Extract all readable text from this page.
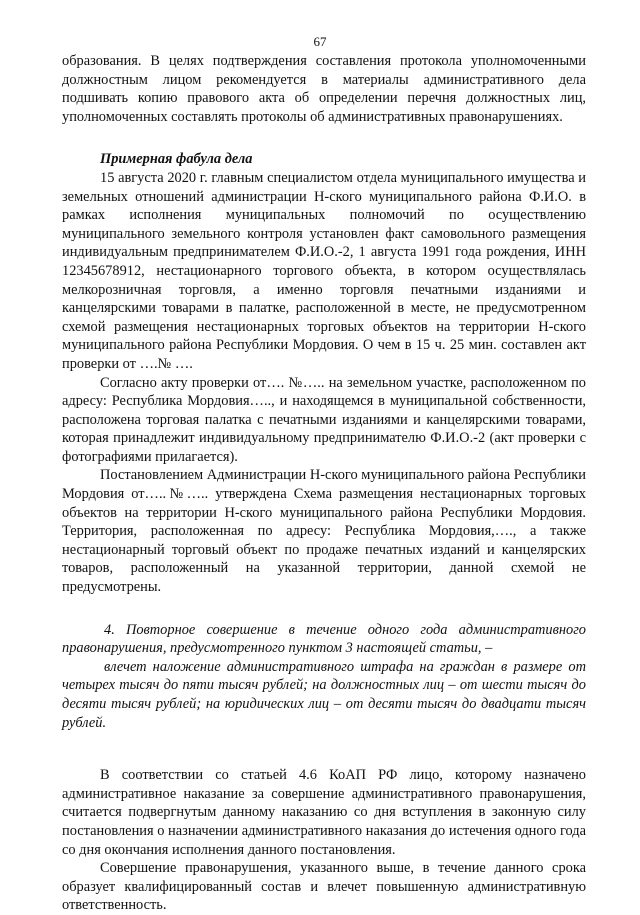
67

образования. В целях подтверждения составления протокола уполномоченными должностным лицом рекомендуется в материалы административного дела подшивать копию правового акта об определении перечня должностных лиц, уполномоченных составлять протоколы об административных правонарушениях.

Примерная фабула дела

15 августа 2020 г. главным специалистом отдела муниципального имущества и земельных отношений администрации Н-ского муниципального района Ф.И.О. в рамках исполнения муниципальных полномочий по осуществлению муниципального земельного контроля установлен факт самовольного размещения индивидуальным предпринимателем Ф.И.О.-2, 1 августа 1991 года рождения, ИНН 12345678912, нестационарного торгового объекта, в котором осуществлялась мелкорозничная торговля, а именно торговля печатными изданиями и канцелярскими товарами в палатке, расположенной в месте, не предусмотренном схемой размещения нестационарных торговых объектов на территории Н-ского муниципального района Республики Мордовия. О чем в 15 ч. 25 мин. составлен акт проверки от ….№ ….

Согласно акту проверки от…. №….. на земельном участке, расположенном по адресу: Республика Мордовия….., и находящемся в муниципальной собственности, расположена торговая палатка с печатными изданиями и канцелярскими товарами, которая принадлежит индивидуальному предпринимателю Ф.И.О.-2 (акт проверки с фотографиями прилагается).

Постановлением Администрации Н-ского муниципального района Республики Мордовия от…..№….. утверждена Схема размещения нестационарных торговых объектов на территории Н-ского муниципального района Республики Мордовия. Территория, расположенная по адресу: Республика Мордовия,…., а также нестационарный торговый объект по продаже печатных изданий и канцелярских товаров, расположенный на указанной территории, данной схемой не предусмотрены.

4. Повторное совершение в течение одного года административного правонарушения, предусмотренного пунктом 3 настоящей статьи, –

влечет наложение административного штрафа на граждан в размере от четырех тысяч до пяти тысяч рублей; на должностных лиц – от шести тысяч до десяти тысяч рублей; на юридических лиц – от десяти тысяч до двадцати тысяч рублей.

В соответствии со статьей 4.6 КоАП РФ лицо, которому назначено административное наказание за совершение административного правонарушения, считается подвергнутым данному наказанию со дня вступления в законную силу постановления о назначении административного наказания до истечения одного года со дня окончания исполнения данного постановления.

Совершение правонарушения, указанного выше, в течение данного срока образует квалифицированный состав и влечет повышенную административную ответственность.
